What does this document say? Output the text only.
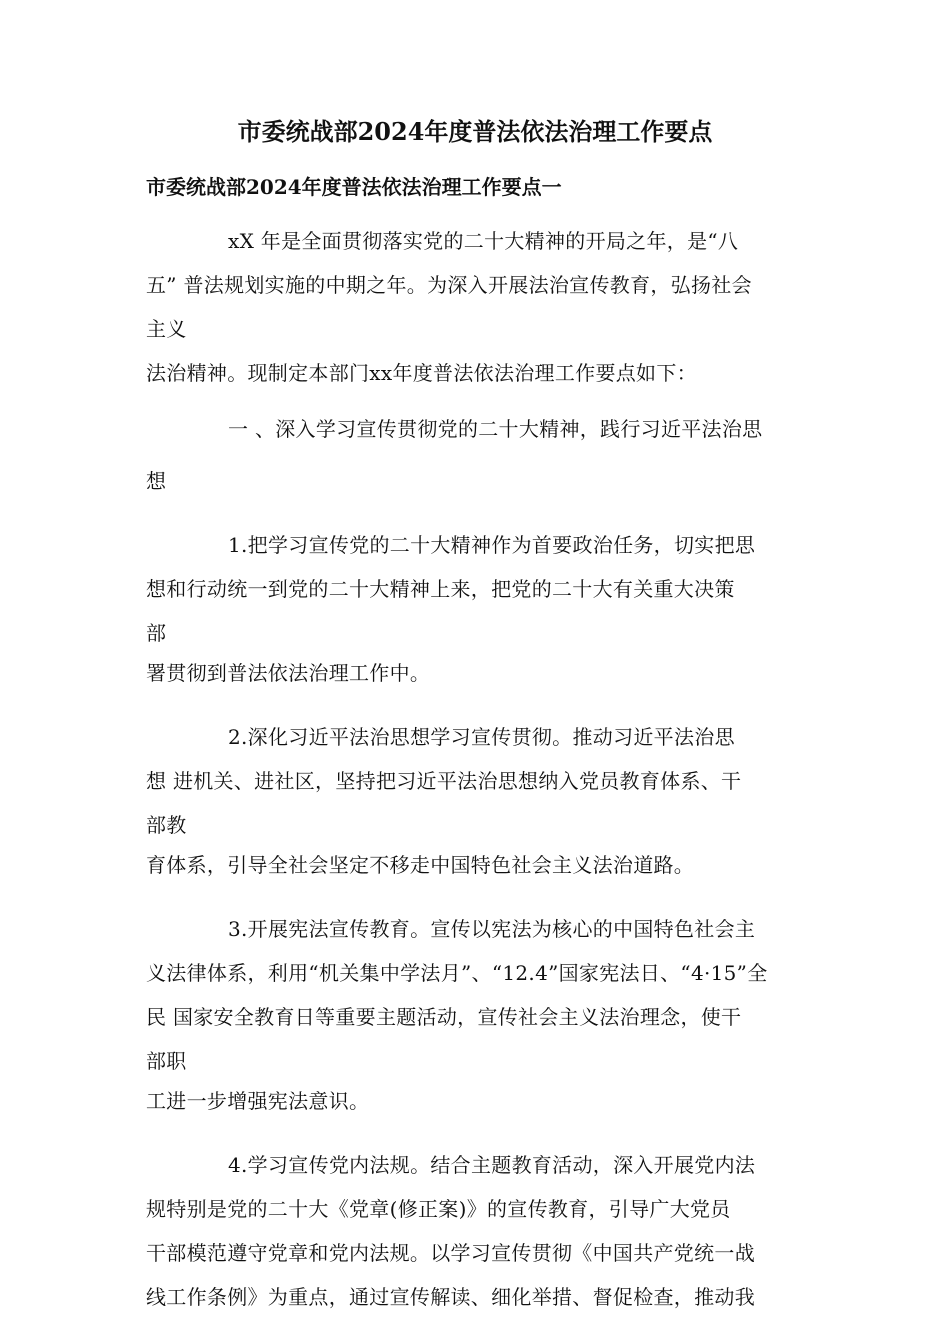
市委统战部2024年度普法依法治理工作要点
市委统战部2024年度普法依法治理工作要点一
xX 年是全面贯彻落实党的二十大精神的开局之年，是“八
五” 普法规划实施的中期之年。为深入开展法治宣传教育，弘扬社会
主义
法治精神。现制定本部门xx年度普法依法治理工作要点如下：
一 、深入学习宣传贯彻党的二十大精神，践行习近平法治思
想
1.把学习宣传党的二十大精神作为首要政治任务，切实把思
想和行动统一到党的二十大精神上来，把党的二十大有关重大决策
部
署贯彻到普法依法治理工作中。
2.深化习近平法治思想学习宣传贯彻。推动习近平法治思
想 进机关、进社区，坚持把习近平法治思想纳入党员教育体系、干
部教
育体系，引导全社会坚定不移走中国特色社会主义法治道路。
3.开展宪法宣传教育。宣传以宪法为核心的中国特色社会主
义法律体系，利用“机关集中学法月”、“12.4”国家宪法日、“4·15”全
民 国家安全教育日等重要主题活动，宣传社会主义法治理念，使干
部职
工进一步增强宪法意识。
4.学习宣传党内法规。结合主题教育活动，深入开展党内法
规特别是党的二十大《党章(修正案)》的宣传教育，引导广大党员
干部模范遵守党章和党内法规。以学习宣传贯彻《中国共产党统一战
线工作条例》为重点，通过宣传解读、细化举措、督促检查，推动我
